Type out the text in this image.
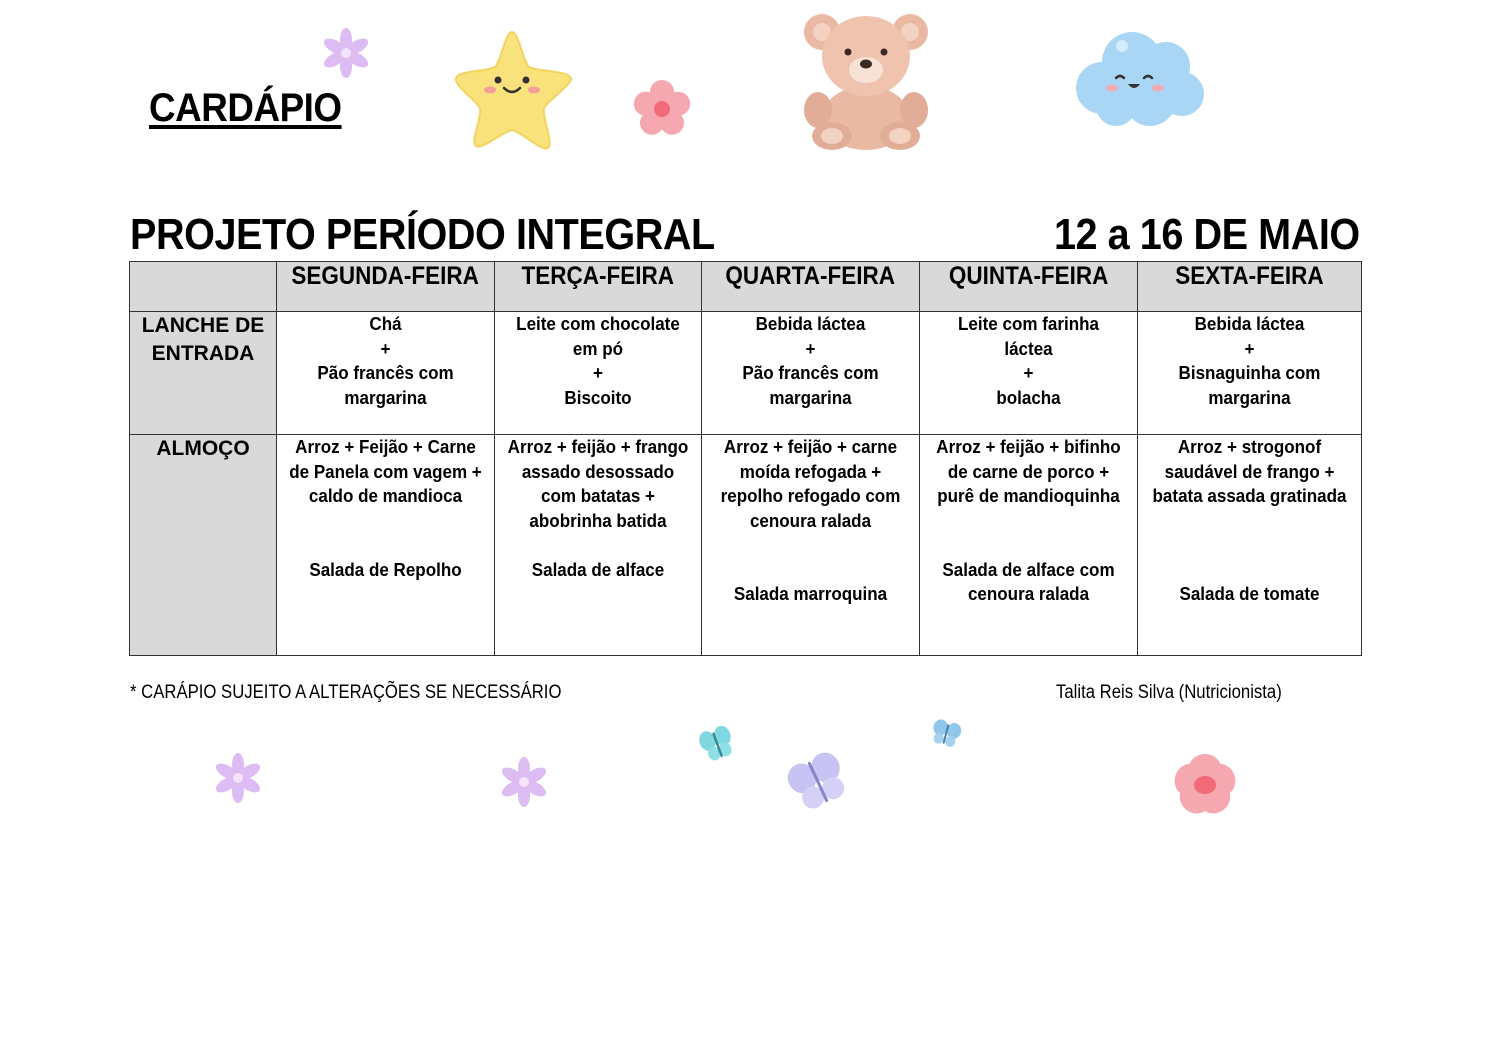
CARDÁPIO
PROJETO PERÍODO INTEGRAL	12 a 16 DE MAIO
	SEGUNDA-FEIRA	TERÇA-FEIRA	QUARTA-FEIRA	QUINTA-FEIRA	SEXTA-FEIRA

LANCHE DE
ENTRADA	Chá
+
Pão francês com
margarina	Leite com chocolate
em pó
+
Biscoito	Bebida láctea
+
Pão francês com
margarina	Leite com farinha
láctea
+
bolacha	Bebida láctea
+
Bisnaguinha com
margarina

ALMOÇO	Arroz + Feijão + Carne
de Panela com vagem +
caldo de mandioca
Salada de Repolho	Arroz + feijão + frango
assado desossado
com batatas +
abobrinha batida
Salada de alface	Arroz + feijão + carne
moída refogada +
repolho refogado com
cenoura ralada
Salada marroquina	Arroz + feijão + bifinho
de carne de porco +
purê de mandioquinha
Salada de alface com
cenoura ralada	Arroz + strogonof
saudável de frango +
batata assada gratinada
Salada de tomate
* CARÁPIO SUJEITO A ALTERAÇÕES SE NECESSÁRIO	Talita Reis Silva (Nutricionista)
